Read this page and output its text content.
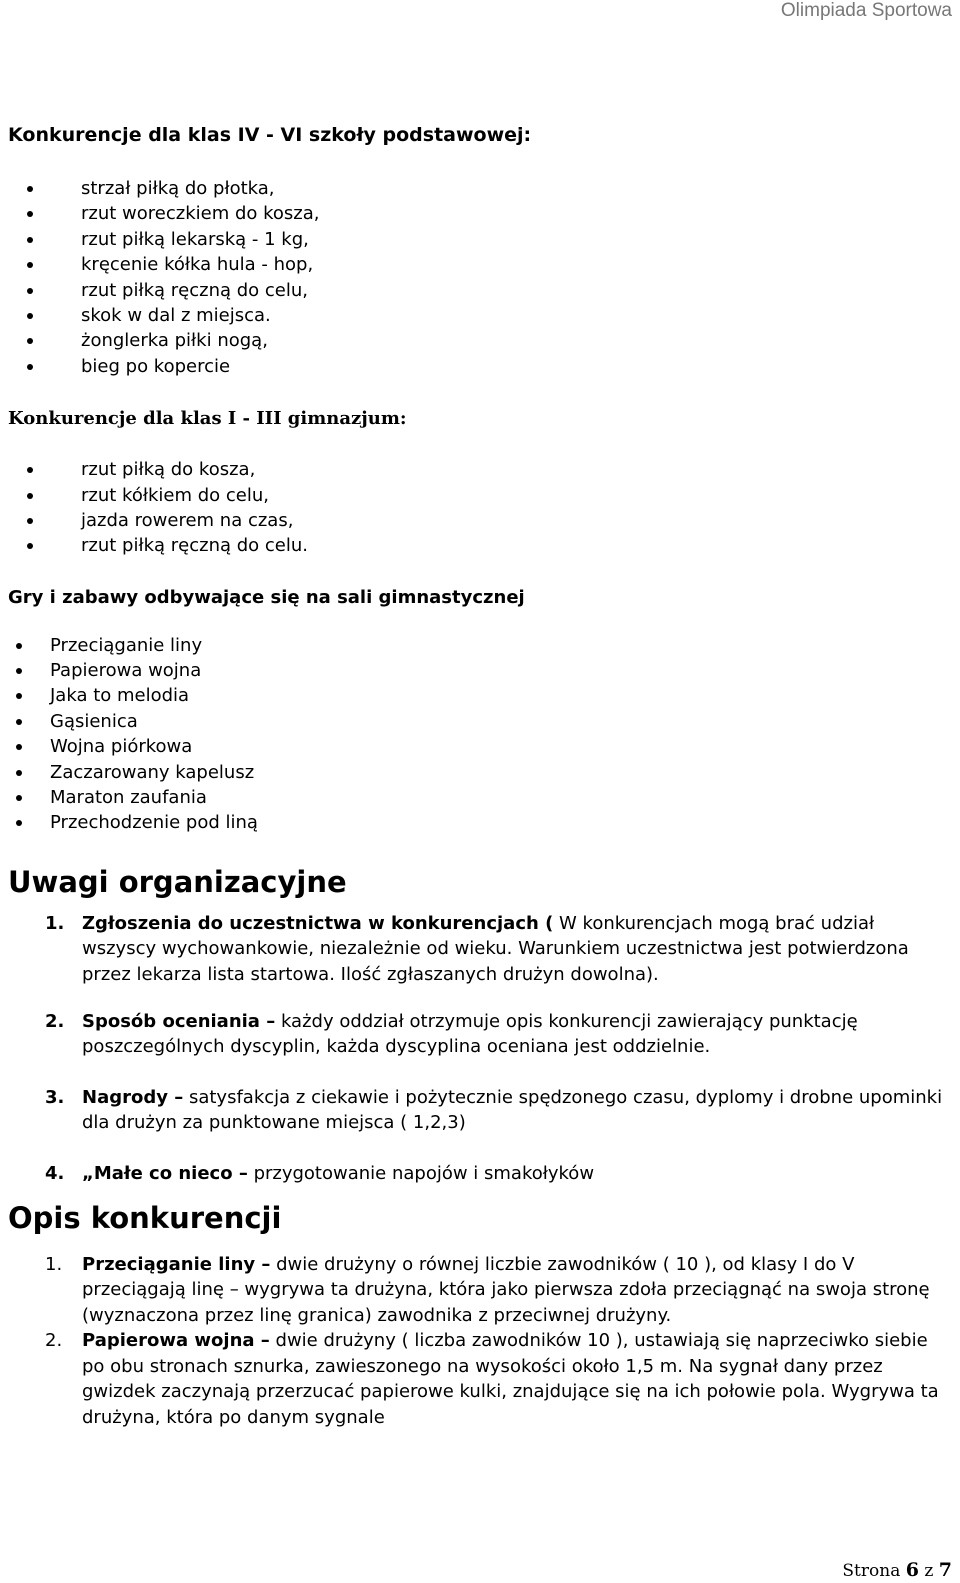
Olimpiada Sportowa
Konkurencje dla klas IV - VI szkoły podstawowej:
strzał piłką do płotka,
rzut woreczkiem do kosza,
rzut piłką lekarską - 1 kg,
kręcenie kółka hula - hop,
rzut piłką ręczną do celu,
skok w dal z miejsca.
żonglerka piłki nogą,
bieg po kopercie
Konkurencje dla klas I - III gimnazjum:
rzut piłką do kosza,
rzut kółkiem do celu,
jazda rowerem na czas,
rzut piłką ręczną do celu.
Gry i zabawy odbywające się na sali gimnastycznej
Przeciąganie liny
Papierowa wojna
Jaka to melodia
Gąsienica
Wojna piórkowa
Zaczarowany kapelusz
Maraton zaufania
Przechodzenie pod liną
Uwagi organizacyjne

1. Zgłoszenia do uczestnictwa w konkurencjach ( W konkurencjach mogą brać udział wszyscy wychowankowie, niezależnie od wieku. Warunkiem uczestnictwa jest potwierdzona przez lekarza lista startowa. Ilość zgłaszanych drużyn dowolna).

2. Sposób oceniania – każdy oddział otrzymuje opis konkurencji zawierający punktację poszczególnych dyscyplin, każda dyscyplina oceniana jest oddzielnie.

3. Nagrody – satysfakcja z ciekawie i pożytecznie spędzonego czasu, dyplomy i drobne upominki dla drużyn za punktowane miejsca ( 1,2,3)

4. „Małe co nieco – przygotowanie napojów i smakołyków

Opis konkurencji

1. Przeciąganie liny – dwie drużyny o równej liczbie zawodników ( 10 ), od klasy I do V przeciągają linę – wygrywa ta drużyna, która jako pierwsza zdoła przeciągnąć na swoja stronę (wyznaczona przez linę granica) zawodnika z przeciwnej drużyny.

2. Papierowa wojna – dwie drużyny ( liczba zawodników 10 ), ustawiają się naprzeciwko siebie po obu stronach sznurka, zawieszonego na wysokości około 1,5 m. Na sygnał dany przez gwizdek zaczynają przerzucać papierowe kulki, znajdujące się na ich połowie pola. Wygrywa ta drużyna, która po danym sygnale

Strona 6 z 7
